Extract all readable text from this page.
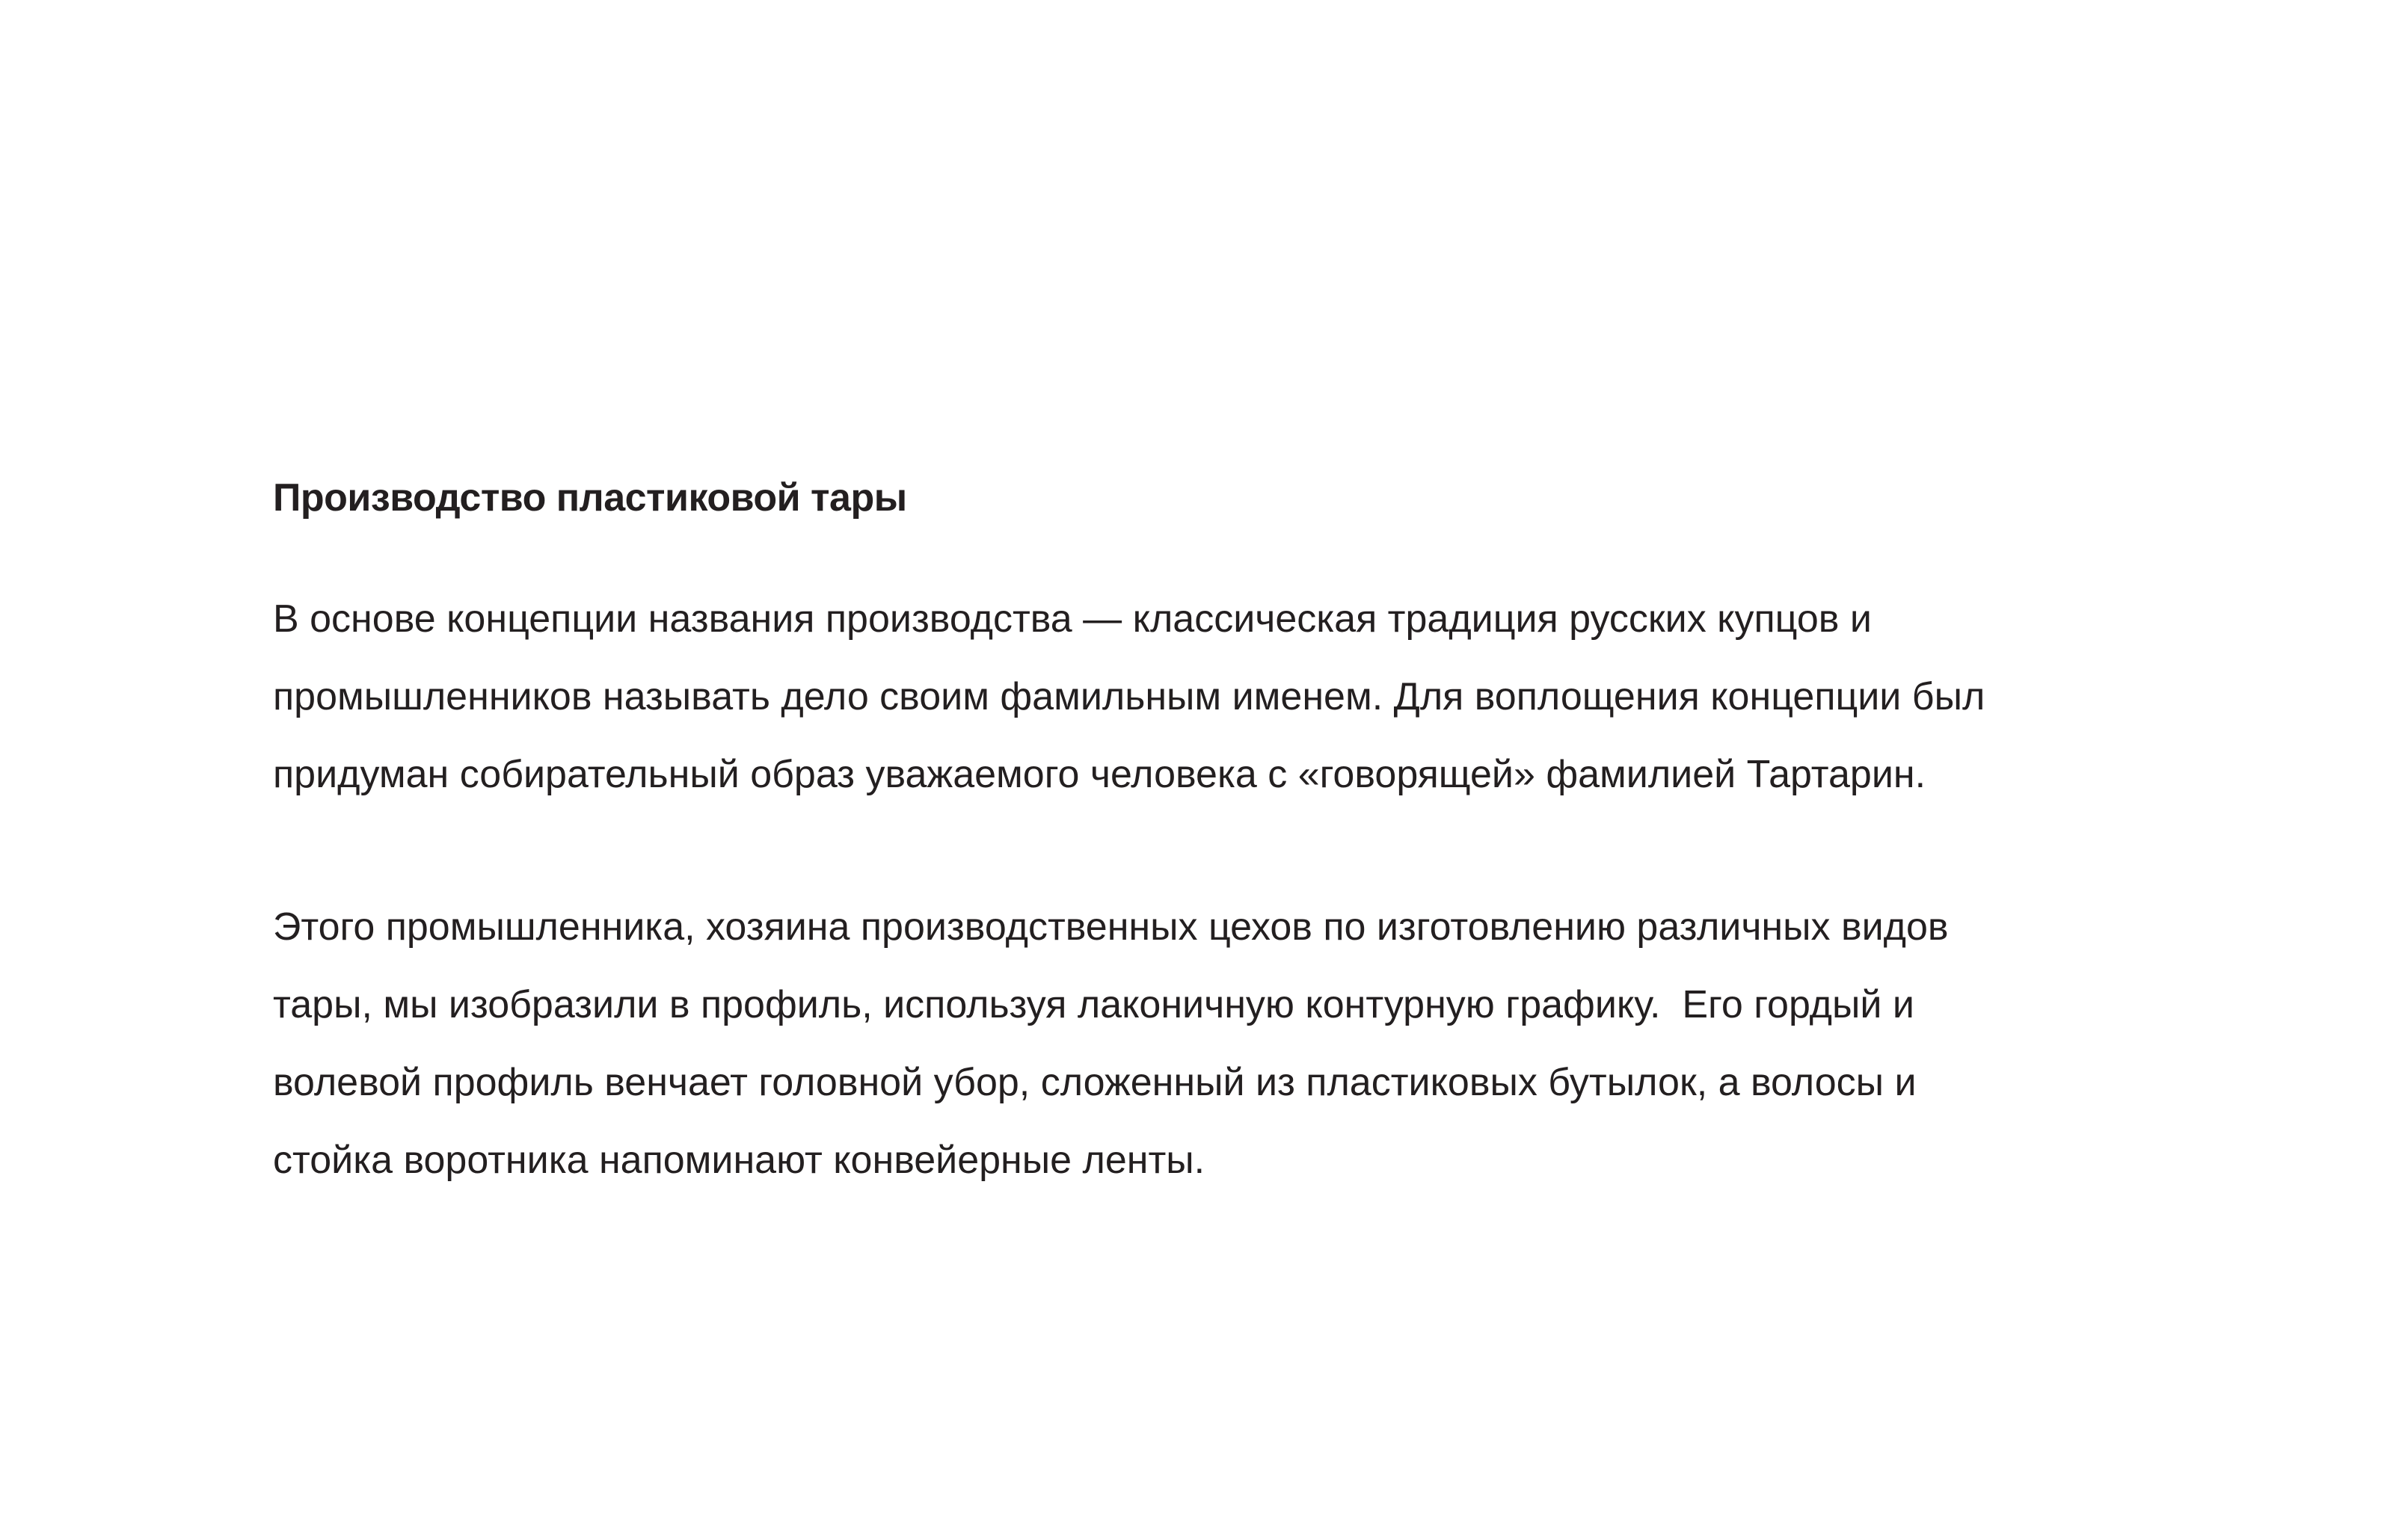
Производство пластиковой тары
В основе концепции названия производства — классическая традиция русских купцов и
промышленников называть дело своим фамильным именем. Для воплощения концепции был
придуман собирательный образ уважаемого человека с «говорящей» фамилией Тартарин.
Этого промышленника, хозяина производственных цехов по изготовлению различных видов
тары, мы изобразили в профиль, используя лаконичную контурную графику.  Его гордый и
волевой профиль венчает головной убор, сложенный из пластиковых бутылок, а волосы и
стойка воротника напоминают конвейерные ленты.
